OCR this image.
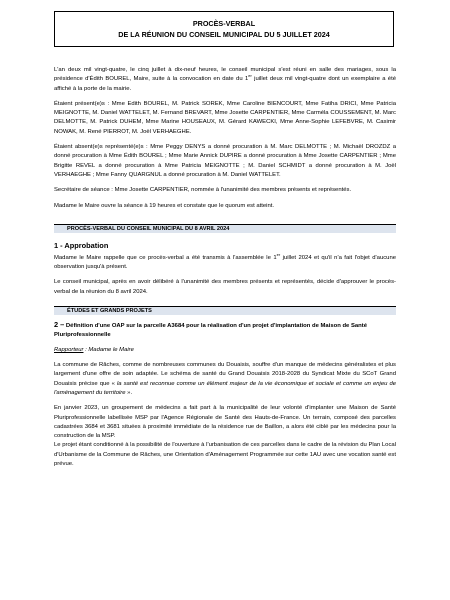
PROCÈS-VERBAL
DE LA RÉUNION DU CONSEIL MUNICIPAL DU 5 JUILLET 2024

L'an deux mil vingt-quatre, le cinq juillet à dix-neuf heures, le conseil municipal s'est réuni en salle des mariages, sous la présidence d'Édith BOUREL, Maire, suite à la convocation en date du 1er juillet deux mil vingt-quatre dont un exemplaire a été affiché à la porte de la mairie.

Étaient présent(e)s : Mme Edith BOUREL, M. Patrick SOREK, Mme Caroline BIENCOURT, Mme Fatiha DRICI, Mme Patricia MEIGNOTTE, M. Daniel WATTELET, M. Fernand BREVART, Mme Josette CARPENTIER, Mme Carméla COUSSEMENT, M. Marc DELMOTTE, M. Patrick DUHEM, Mme Marine HOUSEAUX, M. Gérard KAWECKI, Mme Anne-Sophie LEFEBVRE, M. Casimir NOWAK, M. René PIERROT, M. Joël VERHAEGHE.

Étaient absent(e)s représenté(e)s : Mme Peggy DENYS a donné procuration à M. Marc DELMOTTE ; M. Michaël DROZDZ a donné procuration à Mme Édith BOUREL ; Mme Marie Annick DUPIRE a donné procuration à Mme Josette CARPENTIER ; Mme Brigitte REVEL a donné procuration à Mme Patricia MEIGNOTTE ; M. Daniel SCHMIDT a donné procuration à M. Joël VERHAEGHE ; Mme Fanny QUARGNUL a donné procuration à M. Daniel WATTELET.

Secrétaire de séance : Mme Josette CARPENTIER, nommée à l'unanimité des membres présents et représentés.

Madame le Maire ouvre la séance à 19 heures et constate que le quorum est atteint.

PROCÈS-VERBAL DU CONSEIL MUNICIPAL DU 8 AVRIL 2024
1 - Approbation

Madame le Maire rappelle que ce procès-verbal a été transmis à l'assemblée le 1er juillet 2024 et qu'il n'a fait l'objet d'aucune observation jusqu'à présent.

Le conseil municipal, après en avoir délibéré à l'unanimité des membres présents et représentés, décide d'approuver le procès-verbal de la réunion du 8 avril 2024.

ÉTUDES ET GRANDS PROJETS
2 – Définition d'une OAP sur la parcelle A3684 pour la réalisation d'un projet d'implantation de Maison de Santé Pluriprofessionnelle
Rapporteur : Madame le Maire

La commune de Râches, comme de nombreuses communes du Douaisis, souffre d'un manque de médecins généralistes et plus largement d'une offre de soin adaptée. Le schéma de santé du Grand Douaisis 2018-2028 du Syndicat Mixte du SCoT Grand Douaisis précise que « la santé est reconnue comme un élément majeur de la vie économique et sociale et comme un enjeu de l'aménagement du territoire ».

En janvier 2023, un groupement de médecins a fait part à la municipalité de leur volonté d'implanter une Maison de Santé Pluriprofessionnelle labellisée MSP par l'Agence Régionale de Santé des Hauts-de-France. Un terrain, composé des parcelles cadastrées 3684 et 3681 situées à proximité immédiate de la résidence rue de Baillon, a alors été ciblé par les médecins pour la construction de la MSP.

Le projet étant conditionné à la possibilité de l'ouverture à l'urbanisation de ces parcelles dans le cadre de la révision du Plan Local d'Urbanisme de la Commune de Râches, une Orientation d'Aménagement Programmée sur cette 1AU avec une vocation santé est prévue.
